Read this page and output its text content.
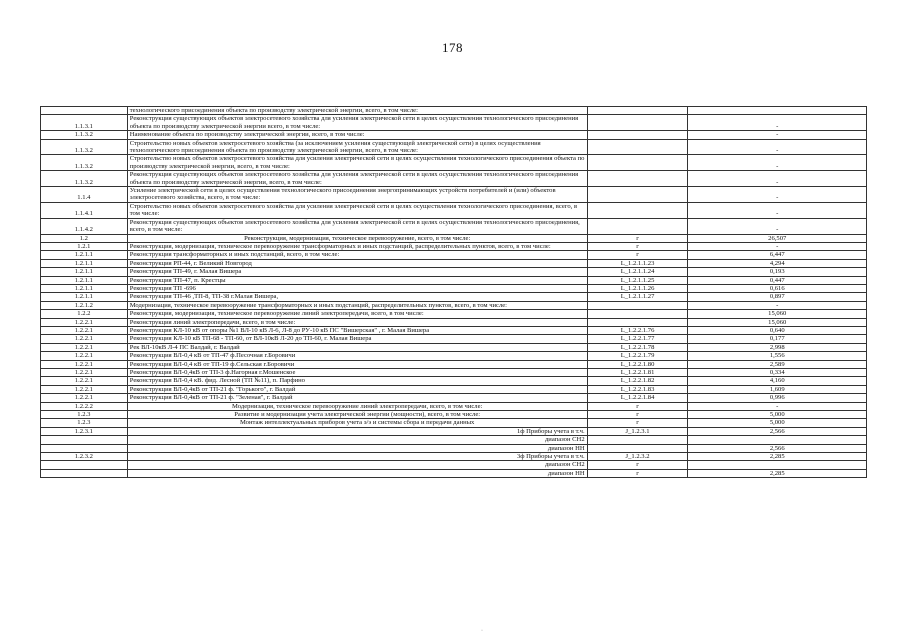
178
	технологического присоединения объекта по производству электрической энергии, всего, в том числе:		
1.1.3.1	Реконструкция существующих объектов электросетевого хозяйства для усиления электрической сети в целях осуществления технологического присоединения объекта по производству электрической энергии всего, в том числе:		-
1.1.3.2	Наименование объекта по производству электрической энергии, всего, в том числе:		-
1.1.3.2	Строительство новых объектов электросетевого хозяйства (за исключением усиления существующей электрической сети) в целях осуществления технологического присоединения объекта по производству электрической энергии, всего, в том числе:		-
1.1.3.2	Строительство новых объектов электросетевого хозяйства для усиления электрической сети в целях осуществления технологического присоединения объекта по производству электрической энергии, всего, в том числе:		-
1.1.3.2	Реконструкция существующих объектов электросетевого хозяйства для усиления электрической сети в целях осуществления технологического присоединения объекта по производству электрической энергии, всего, в том числе:		-
1.1.4	Усиление электрической сети в целях осуществления технологического присоединения энергопринимающих устройств потребителей и (или) объектов электросетевого хозяйства, всего, в том числе:		-
1.1.4.1	Строительство новых объектов электросетевого хозяйства для усиления электрической сети в целях осуществления технологического присоединения, всего, в том числе:		-
1.1.4.2	Реконструкция существующих объектов электросетевого хозяйства для усиления электрической сети в целях осуществления технологического присоединения, всего, в том числе:		-
1.2	Реконструкция, модернизация, техническое перевооружение, всего, в том числе:	г	26,507
1.2.1	Реконструкция, модернизация, техническое перевооружение трансформаторных и иных подстанций, распределительных пунктов, всего, в том числе:	г	-
1.2.1.1	Реконструкция трансформаторных и иных подстанций, всего, в том числе:	г	6,447
1.2.1.1	Реконструкция РП-44, г. Великий Новгород	L_1.2.1.1.23	4,294
1.2.1.1	Реконструкция ТП-49, г. Малая Вишера	L_1.2.1.1.24	0,193
1.2.1.1	Реконструкция ТП-47, п. Крестцы	L_1.2.1.1.25	0,447
1.2.1.1	Реконструкция ТП -696	L_1.2.1.1.26	0,616
1.2.1.1	Реконструкция ТП-46 ,ТП-8, ТП-38 г.Малая Вишера,	L_1.2.1.1.27	0,897
1.2.1.2	Модернизация, техническое перевооружение трансформаторных и иных подстанций, распределительных пунктов, всего, в том числе:		-
1.2.2	Реконструкция, модернизация, техническое перевооружение линий электропередачи, всего, в том числе:		15,060
1.2.2.1	Реконструкция линий электропередачи, всего, в том числе:		15,060
1.2.2.1	Реконструкция КЛ-10 кВ от опоры №1 ВЛ-10 кВ Л-6, Л-8 до РУ-10 кВ ПС "Вишерская" , г. Малая Вишера	L_1.2.2.1.76	0,640
1.2.2.1	Реконструкция КЛ-10 кВ ТП-68 - ТП-60, от ВЛ-10кВ Л-20 до ТП-60, г. Малая Вишера	L_1.2.2.1.77	0,177
1.2.2.1	Рек ВЛ-10кВ Л-4 ПС Валдай, г. Валдай	L_1.2.2.1.78	2,998
1.2.2.1	Реконструкция ВЛ-0,4 кВ от ТП-47 ф.Песочная г.Боровичи	L_1.2.2.1.79	1,556
1.2.2.1	Реконструкция ВЛ-0,4 кВ от ТП-19 ф.Сельская г.Боровичи	L_1.2.2.1.80	2,589
1.2.2.1	Реконструкция ВЛ-0,4кВ от ТП-3 ф.Нагорная г.Мошенское	L_1.2.2.1.81	0,334
1.2.2.1	Реконструкция ВЛ-0,4 кВ. фид. Лесной (ТП №11), п. Парфино	L_1.2.2.1.82	4,160
1.2.2.1	Реконструкция ВЛ-0,4кВ от ТП-21 ф. "Горького", г. Валдай	L_1.2.2.1.83	1,609
1.2.2.1	Реконструкция ВЛ-0,4кВ от ТП-21 ф. "Зеленая", г. Валдай	L_1.2.2.1.84	0,996
1.2.2.2	Модернизация, техническое перевооружение линий электропередачи, всего, в том числе:	г	-
1.2.3	Развитие и модернизация учета электрической энергии (мощности), всего, в том числе:	г	5,000
1.2.3	Монтаж интеллектуальных приборов учета э/э и системы сбора и передачи данных	г	5,000
1.2.3.1	1ф Приборы учета в т.ч.	J_1.2.3.1	2,566
	диапазон СН2		
	диапазон НН		2,566
1.2.3.2	3ф Приборы учета в т.ч.	J_1.2.3.2	2,285
	диапазон СН2	г	
	диапазон НН	г	2,285
·
